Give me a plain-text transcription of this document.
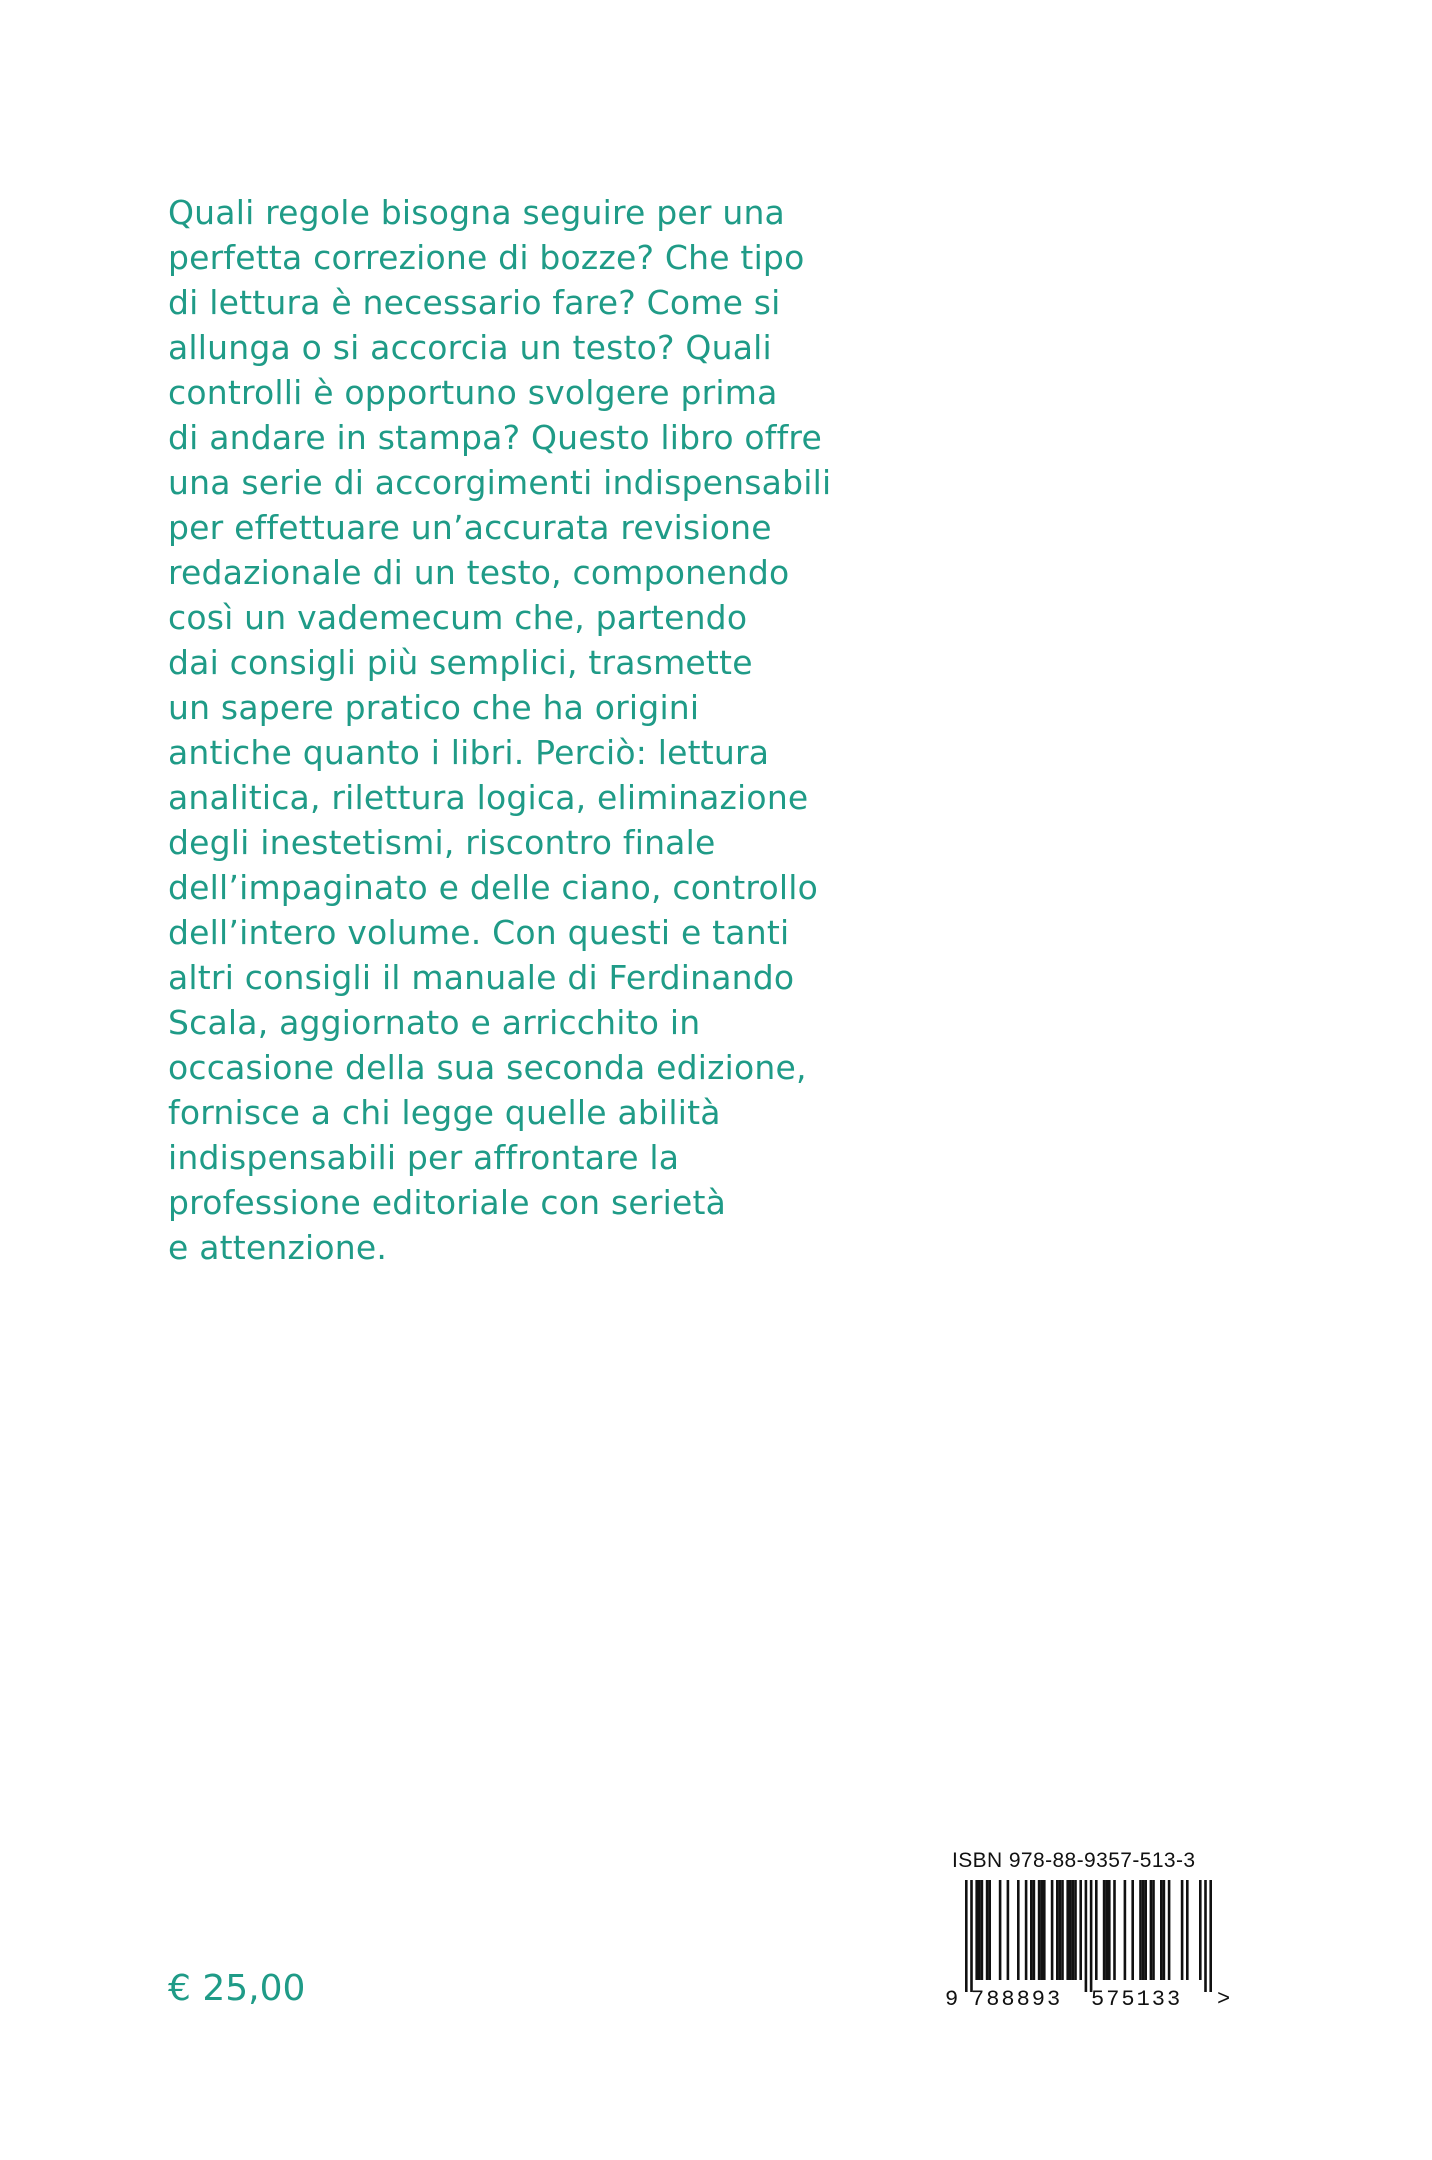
Quali regole bisogna seguire per una
perfetta correzione di bozze? Che tipo
di lettura è necessario fare? Come si
allunga o si accorcia un testo? Quali
controlli è opportuno svolgere prima
di andare in stampa? Questo libro offre
una serie di accorgimenti indispensabili
per effettuare un’accurata revisione
redazionale di un testo, componendo
così un vademecum che, partendo
dai consigli più semplici, trasmette
un sapere pratico che ha origini
antiche quanto i libri. Perciò: lettura
analitica, rilettura logica, eliminazione
degli inestetismi, riscontro finale
dell’impaginato e delle ciano, controllo
dell’intero volume. Con questi e tanti
altri consigli il manuale di Ferdinando
Scala, aggiornato e arricchito in
occasione della sua seconda edizione,
fornisce a chi legge quelle abilità
indispensabili per affrontare la
professione editoriale con serietà
e attenzione.
€ 25,00
ISBN 978-88-9357-513-3
9 788893 575133 >
